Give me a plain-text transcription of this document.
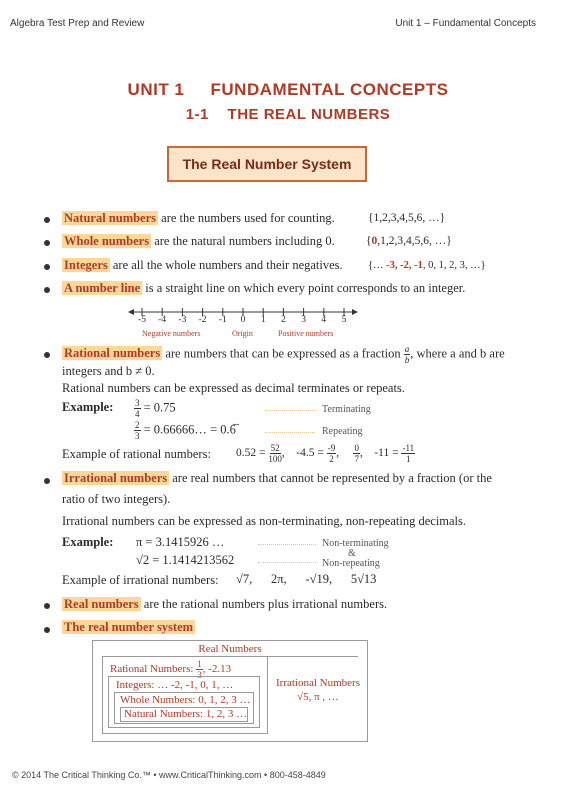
Algebra Test Prep and Review	Unit 1 – Fundamental Concepts
UNIT 1     FUNDAMENTAL CONCEPTS
1-1    THE REAL NUMBERS
The Real Number System
Natural numbers are the numbers used for counting.	{1,2,3,4,5,6, …}
Whole numbers are the natural numbers including 0.	{0,1,2,3,4,5,6, …}
Integers are all the whole numbers and their negatives. {… -3, -2, -1, 0, 1, 2, 3, …}
A number line is a straight line on which every point corresponds to an integer.
-5	-4	-3	-2	-1	0	1	2	3	4	5
Negative numbers	Origin	Positive numbers
Rational numbers are numbers that can be expressed as a fraction $\frac{a}{b}$ , where a and b are
integers and b ≠ 0.
Rational numbers can be expressed as decimal terminates or repeats.
Example: $\frac{3}{4} = 0.75$	Terminating
$\frac{2}{3}$ = 0.66666… = 0.6̅	Repeating
Example of rational numbers: $0.52 = \frac{52}{100}$ , $-4.5 = \frac{-9}{2}$ , $\frac{0}{7}$ , $-11 = \frac{-11}{1}$
Irrational numbers are real numbers that cannot be represented by a fraction (or the
ratio of two integers).
Irrational numbers can be expressed as non-terminating, non-repeating decimals.
Example: π = 3.1415926 …
√2 = 1.1414213562
Non-terminating
&
Non-repeating
Example of irrational numbers: √7,      2π,      -√19,      5√13
Real numbers are the rational numbers plus irrational numbers.
The real number system
Real Numbers
Rational Numbers: $\frac{1}{3}$ , -2.13
Integers: … -2, -1, 0, 1, …
Whole Numbers: 0, 1, 2, 3 …
Natural Numbers: 1, 2, 3 …
Irrational Numbers
√5, π , …
© 2014 The Critical Thinking Co.™ • www.CriticalThinking.com • 800-458-4849
